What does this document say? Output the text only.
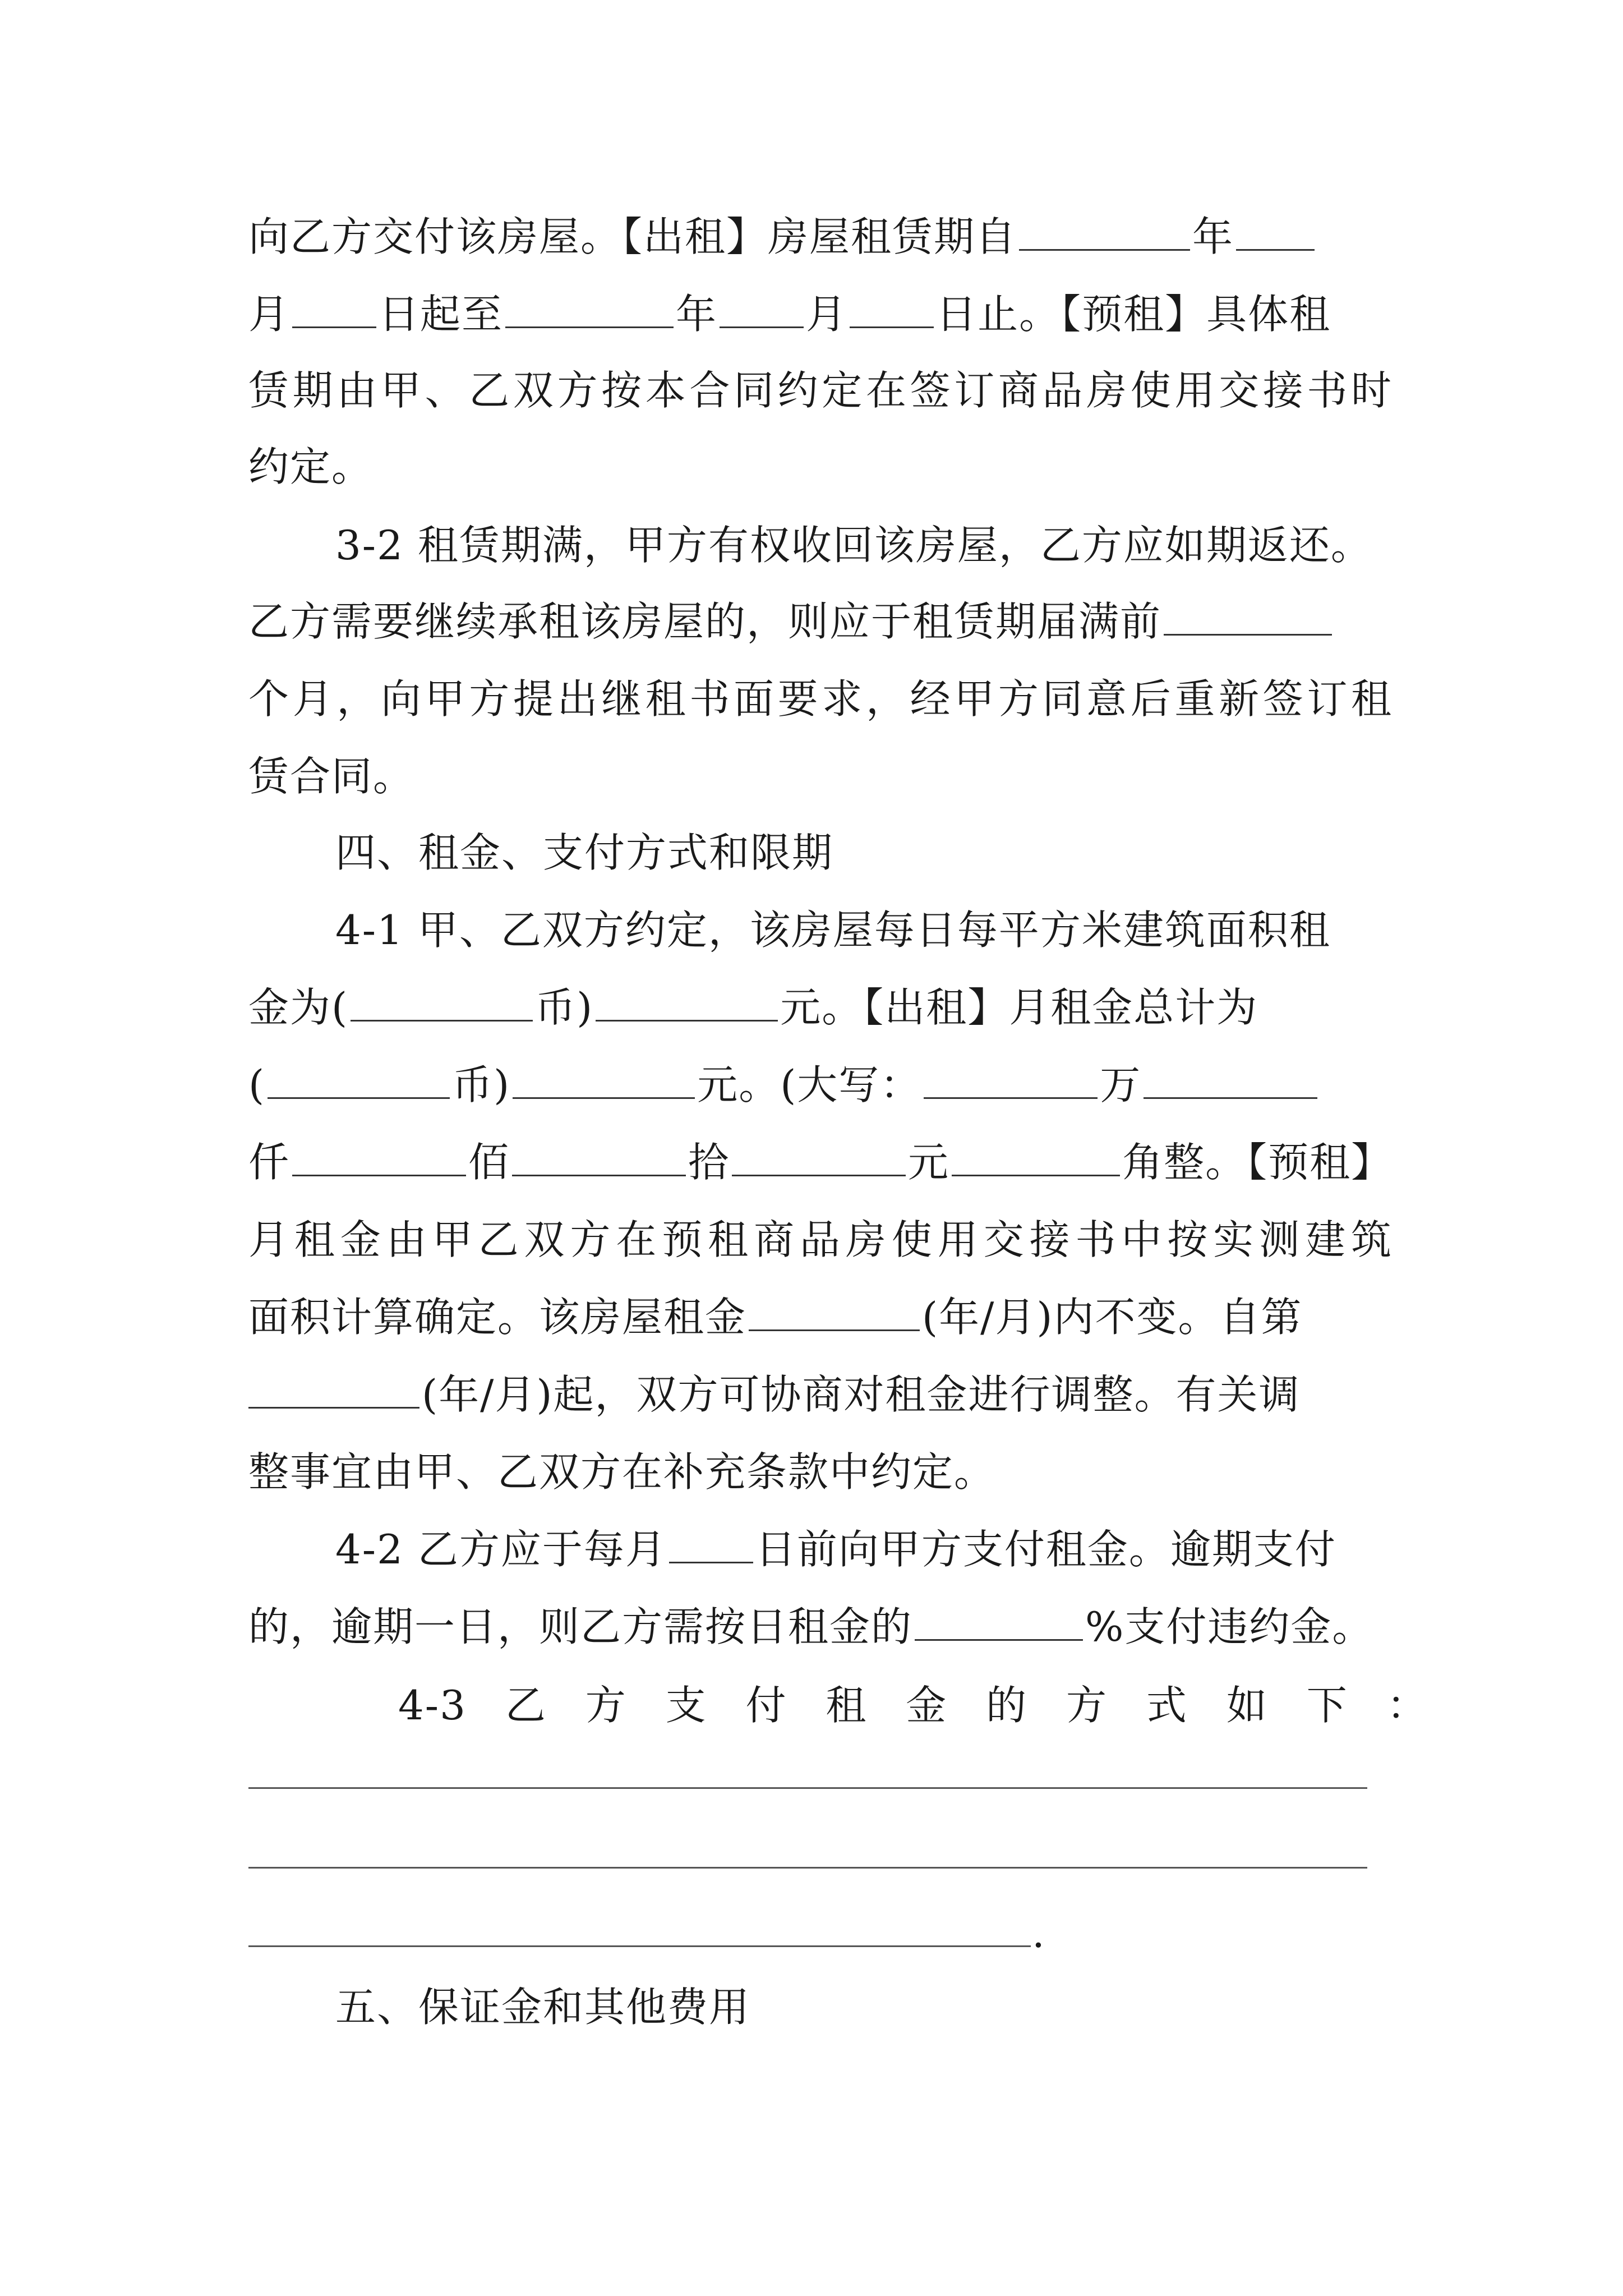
向乙方交付该房屋。【出租】房屋租赁期自	年
月 日起至	年 月 日止。【预租】具体租
赁期由甲、乙双方按本合同约定在签订商品房使用交接书时
约定。
3-2 租赁期满，甲方有权收回该房屋，乙方应如期返还。
乙方需要继续承租该房屋的，则应于租赁期届满前
个月，向甲方提出继租书面要求，经甲方同意后重新签订租
赁合同。
四、租金、支付方式和限期
4-1 甲、乙双方约定，该房屋每日每平方米建筑面积租
金为(	币)	元。【出租】月租金总计为
(	币)	元。(大写：	万
仟	佰	拾	元	角整。【预租】
月租金由甲乙双方在预租商品房使用交接书中按实测建筑
面积计算确定。该房屋租金	(年/月)内不变。自第
(年/月)起，双方可协商对租金进行调整。有关调
整事宜由甲、乙双方在补充条款中约定。
4-2 乙方应于每月 日前向甲方支付租金。逾期支付
的，逾期一日，则乙方需按日租金的	%支付违约金。
4-3 乙 方 支 付 租 金 的 方 式 如 下 ：
.
五、保证金和其他费用
